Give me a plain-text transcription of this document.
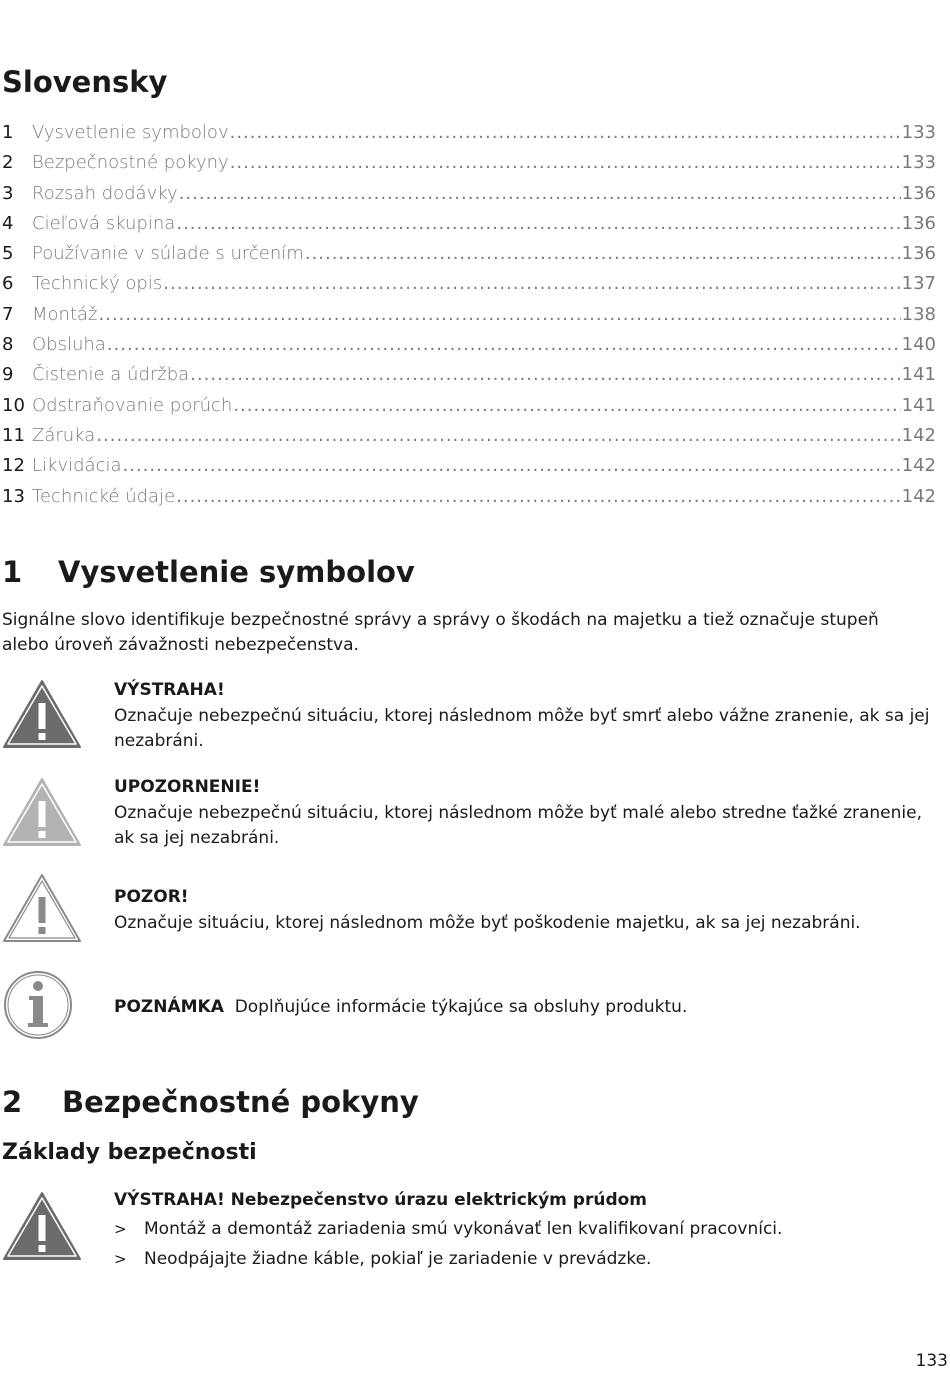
Slovensky
1	Vysvetlenie symbolov .....	133
2	Bezpečnostné pokyny .....	133
3	Rozsah dodávky .....	136
4	Cieľová skupina .....	136
5	Používanie v súlade s určením .....	136
6	Technický opis .....	137
7	Montáž .....	138
8	Obsluha .....	140
9	Čistenie a údržba .....	141
10 Odstraňovanie porúch .....	141
11 Záruka .....	142
12 Likvidácia .....	142
13 Technické údaje .....	142
1	Vysvetlenie symbolov

Signálne slovo identifikuje bezpečnostné správy a správy o škodách na majetku a tiež označuje stupeň alebo úroveň závažnosti nebezpečenstva.

VÝSTRAHA!
Označuje nebezpečnú situáciu, ktorej následnom môže byť smrť alebo vážne zranenie, ak sa jej nezabráni.
UPOZORNENIE!
Označuje nebezpečnú situáciu, ktorej následnom môže byť malé alebo stredne ťažké zranenie, ak sa jej nezabráni.
POZOR!
Označuje situáciu, ktorej následnom môže byť poškodenie majetku, ak sa jej nezabráni.
POZNÁMKA Doplňujúce informácie týkajúce sa obsluhy produktu.
2	Bezpečnostné pokyny
Základy bezpečnosti
VÝSTRAHA! Nebezpečenstvo úrazu elektrickým prúdom
> Montáž a demontáž zariadenia smú vykonávať len kvalifikovaní pracovníci.
> Neodpájajte žiadne káble, pokiaľ je zariadenie v prevádzke.
133
